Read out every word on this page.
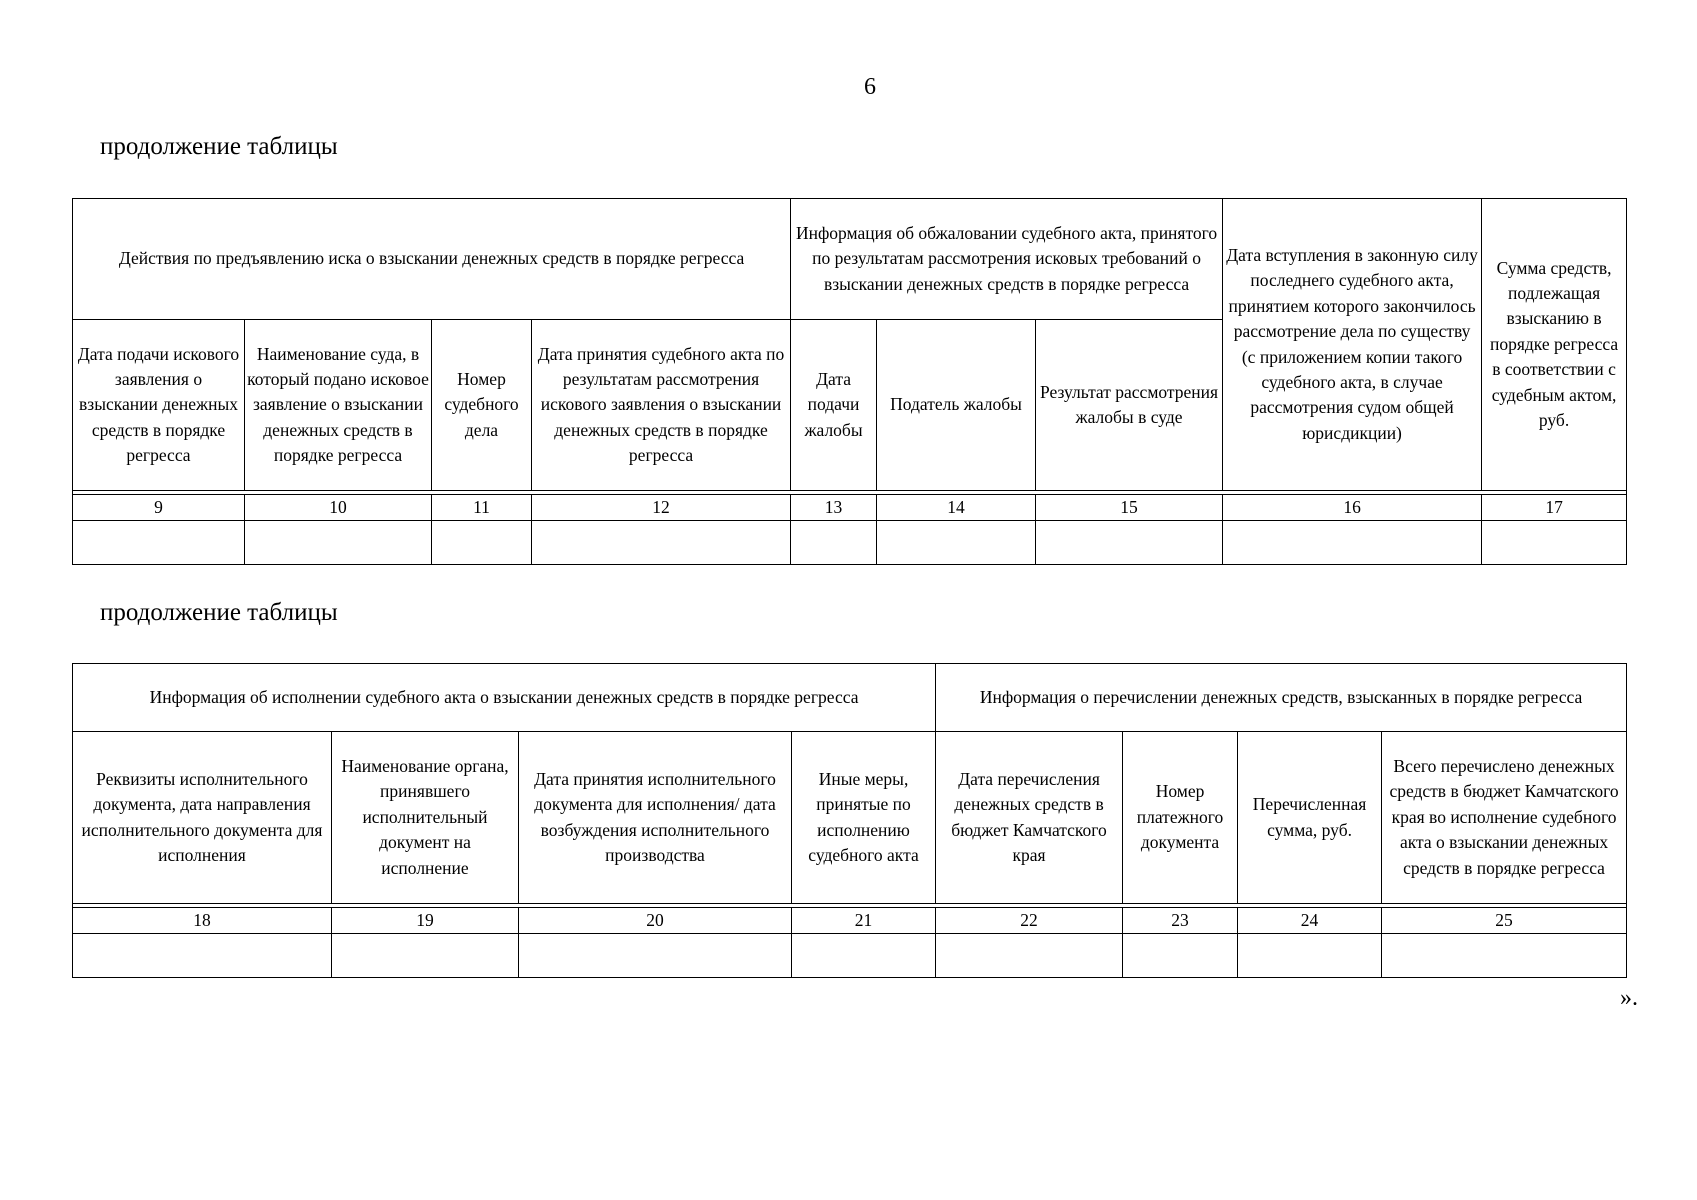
6
продолжение таблицы
Действия по предъявлению иска о взыскании денежных средств в порядке регресса				Информация об обжаловании судебного акта, принятого по результатам рассмотрения исковых требований о взыскании денежных средств в порядке регресса			Дата вступления в законную силу последнего судебного акта, принятием которого закончилось рассмотрение дела по существу (с приложением копии такого судебного акта, в случае рассмотрения судом общей юрисдикции)	Сумма средств, подлежащая взысканию в порядке регресса в соответствии с судебным актом, руб.
Дата подачи искового заявления о взыскании денежных средств в порядке регресса	Наименование суда, в который подано исковое заявление о взыскании денежных средств в порядке регресса	Номер судебного дела	Дата принятия судебного акта по результатам рассмотрения искового заявления о взыскании денежных средств в порядке регресса	Дата подачи жалобы	Податель жалобы	Результат рассмотрения жалобы в суде		

9	10	11	12	13	14	15	16	17

продолжение таблицы
Информация об исполнении судебного акта о взыскании денежных средств в порядке регресса				Информация о перечислении денежных средств, взысканных в порядке регресса			
Реквизиты исполнительного документа, дата направления исполнительного документа для исполнения	Наименование органа, принявшего исполнительный документ на исполнение	Дата принятия исполнительного документа для исполнения/ дата возбуждения исполнительного производства	Иные меры, принятые по исполнению судебного акта	Дата перечисления денежных средств в бюджет Камчатского края	Номер платежного документа	Перечисленная сумма, руб.	Всего перечислено денежных средств в бюджет Камчатского края во исполнение судебного акта о взыскании денежных средств в порядке регресса

18	19	20	21	22	23	24	25

».
